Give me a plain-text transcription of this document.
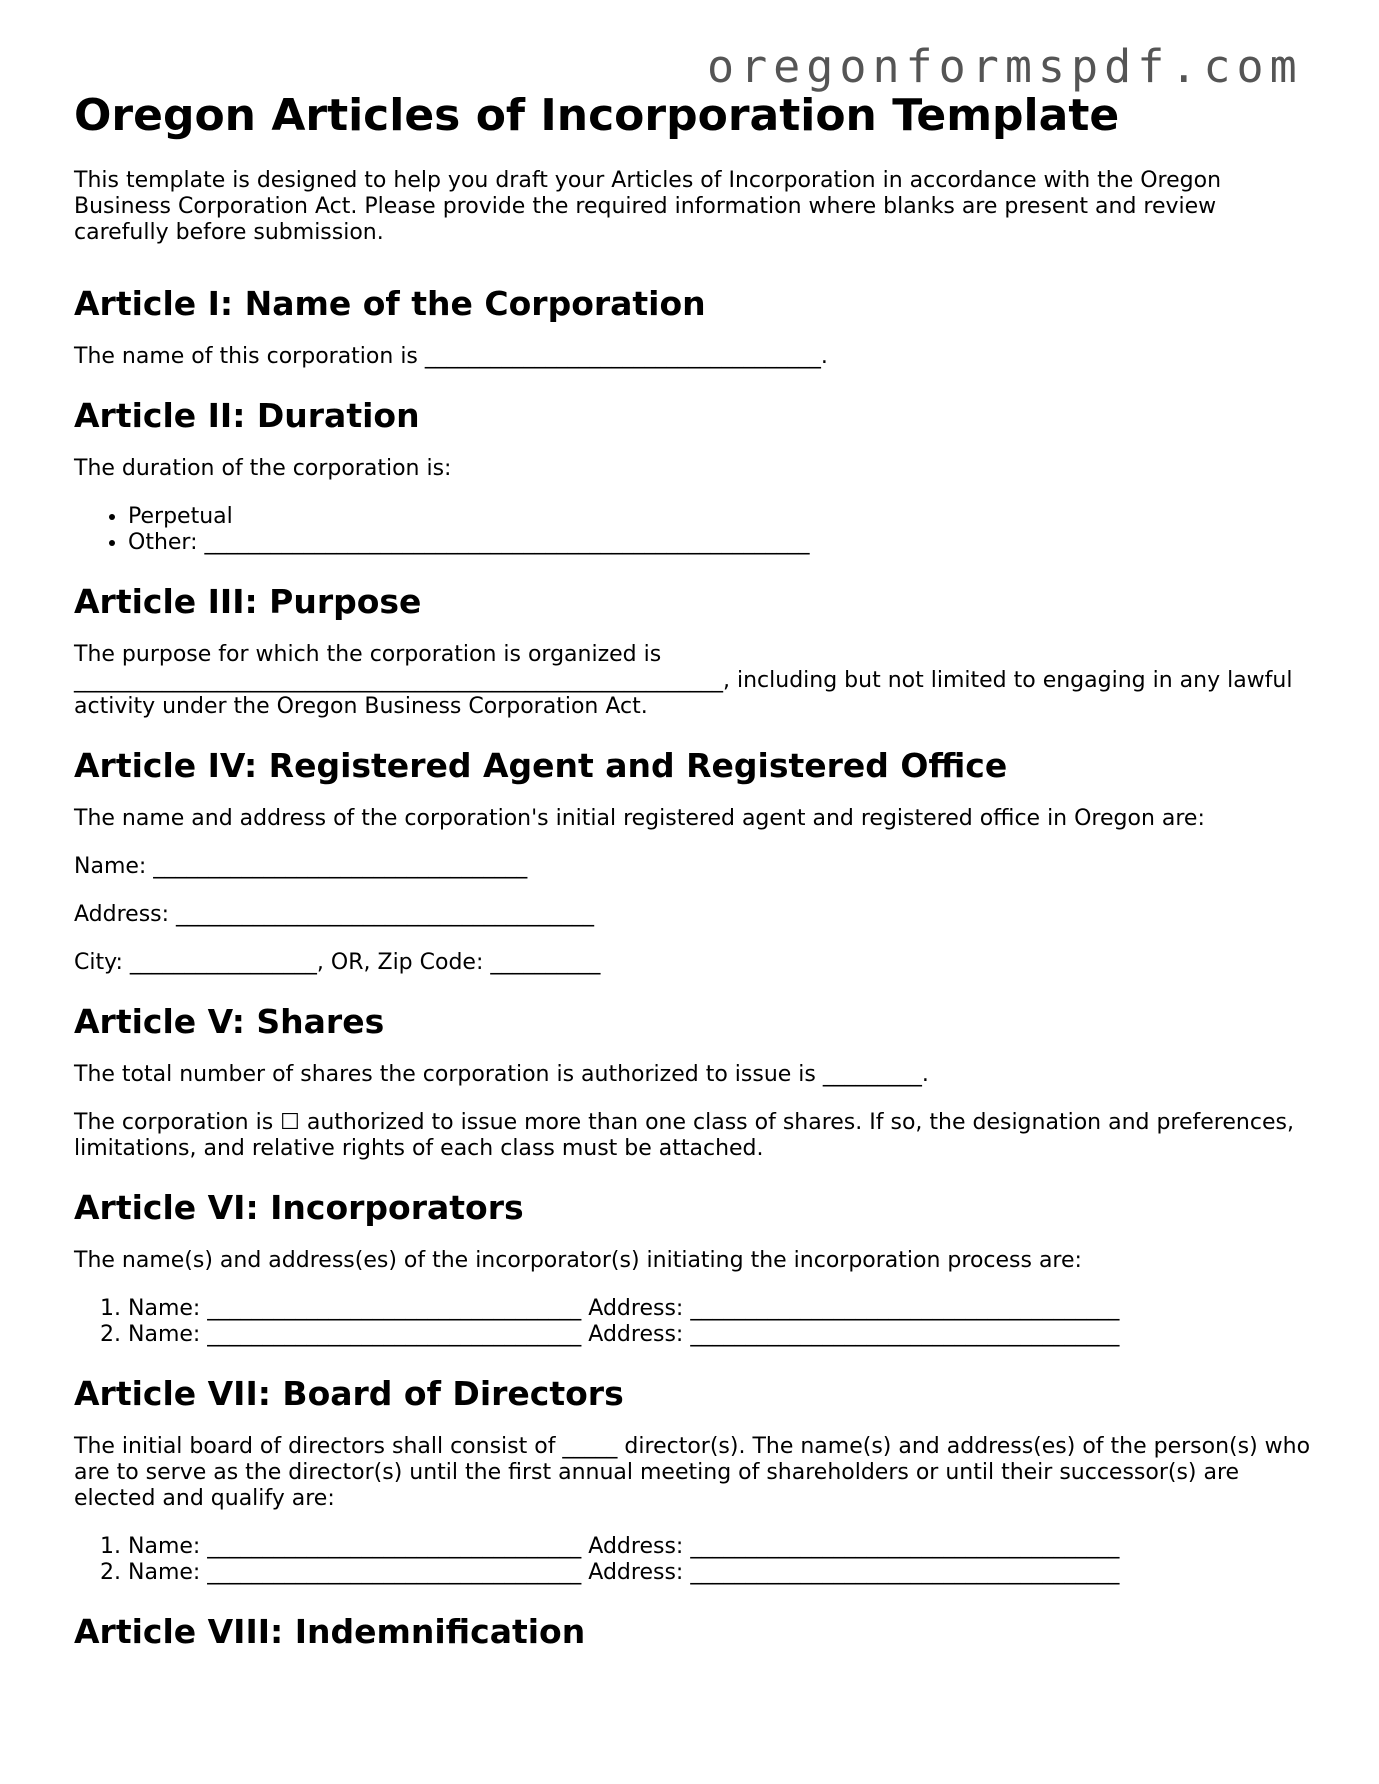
oregonformspdf.com
Oregon Articles of Incorporation Template

This template is designed to help you draft your Articles of Incorporation in accordance with the Oregon Business Corporation Act. Please provide the required information where blanks are present and review carefully before submission.

Article I: Name of the Corporation

The name of this corporation is ____________________________________.

Article II: Duration

The duration of the corporation is:

• Perpetual
• Other: _______________________________________________________
Article III: Purpose

The purpose for which the corporation is organized is ___________________________________________________________, including but not limited to engaging in any lawful activity under the Oregon Business Corporation Act.

Article IV: Registered Agent and Registered Office

The name and address of the corporation's initial registered agent and registered office in Oregon are:

Name: __________________________________

Address: ______________________________________

City: _________________, OR, Zip Code: __________

Article V: Shares

The total number of shares the corporation is authorized to issue is _________.

The corporation is ☐ authorized to issue more than one class of shares. If so, the designation and preferences, limitations, and relative rights of each class must be attached.

Article VI: Incorporators

The name(s) and address(es) of the incorporator(s) initiating the incorporation process are:

1. Name: __________________________________ Address: _______________________________________
2. Name: __________________________________ Address: _______________________________________
Article VII: Board of Directors

The initial board of directors shall consist of _____ director(s). The name(s) and address(es) of the person(s) who are to serve as the director(s) until the first annual meeting of shareholders or until their successor(s) are elected and qualify are:

1. Name: __________________________________ Address: _______________________________________
2. Name: __________________________________ Address: _______________________________________
Article VIII: Indemnification
